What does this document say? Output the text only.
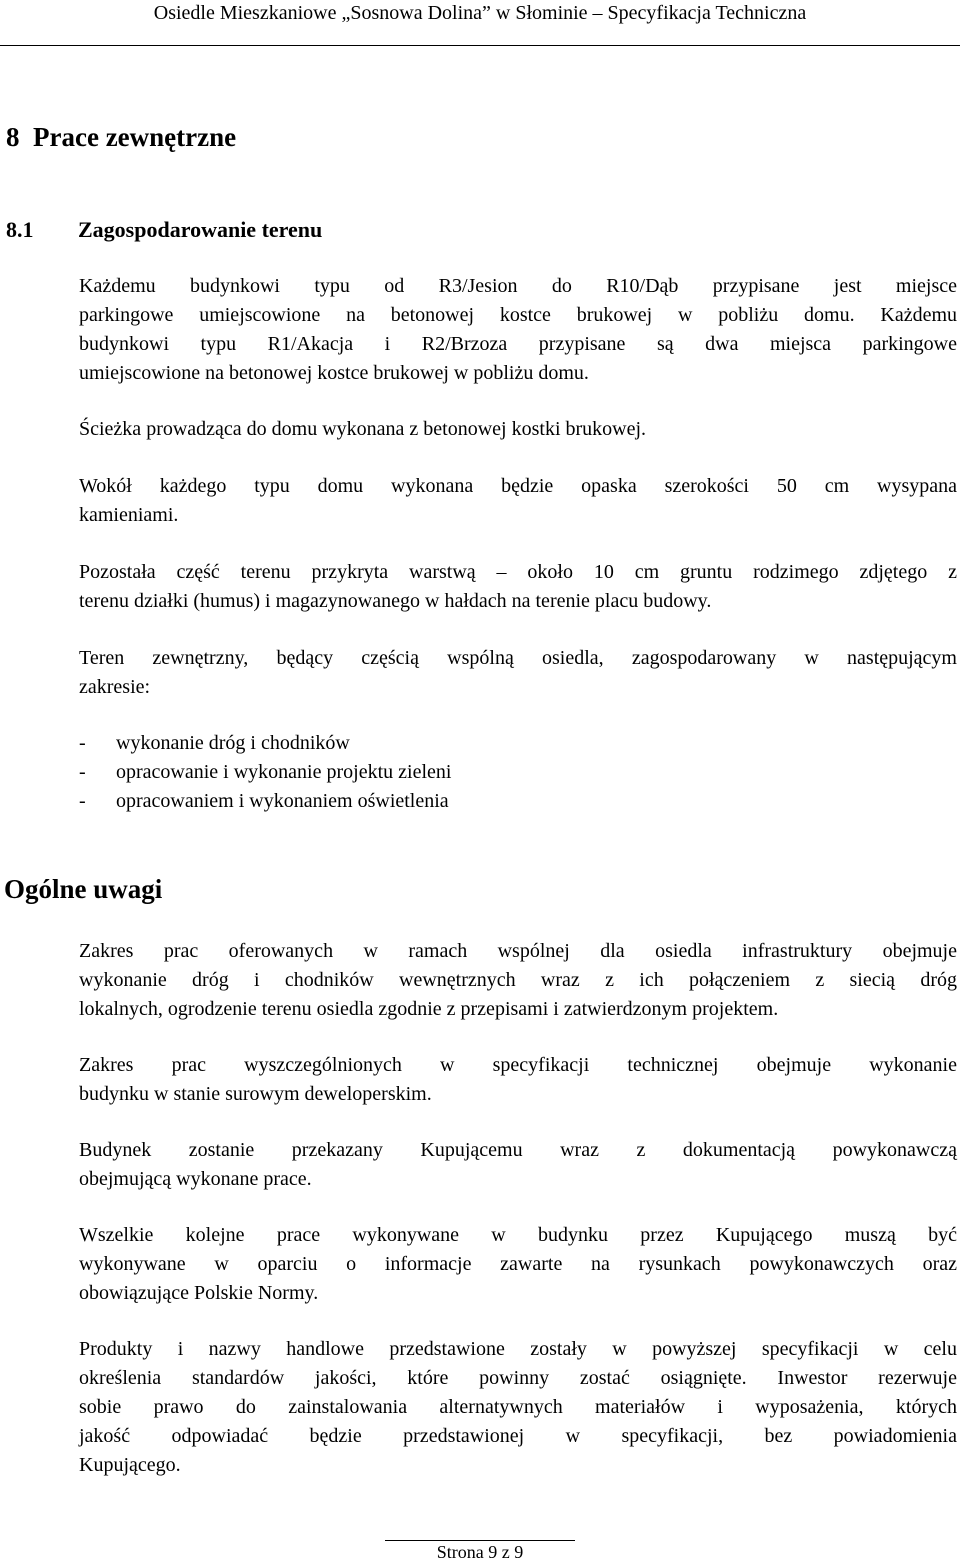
Osiedle Mieszkaniowe „Sosnowa Dolina” w Słominie – Specyfikacja Techniczna
8  Prace zewnętrzne
8.1 Zagospodarowanie terenu
Każdemu budynkowi typu od R3/Jesion do R10/Dąb przypisane jest miejsce
parkingowe umiejscowione na betonowej kostce brukowej w pobliżu domu. Każdemu
budynkowi typu R1/Akacja i R2/Brzoza przypisane są dwa miejsca parkingowe
umiejscowione na betonowej kostce brukowej w pobliżu domu.
Ścieżka prowadząca do domu wykonana z betonowej kostki brukowej.
Wokół każdego typu domu wykonana będzie opaska szerokości 50 cm wysypana
kamieniami.
Pozostała część terenu przykryta warstwą – około 10 cm gruntu rodzimego zdjętego z
terenu działki (humus) i magazynowanego w hałdach na terenie placu budowy.
Teren zewnętrzny, będący częścią wspólną osiedla, zagospodarowany w następującym
zakresie:
-	wykonanie dróg i chodników
-	opracowanie i wykonanie projektu zieleni
-	opracowaniem i wykonaniem oświetlenia
Ogólne uwagi
Zakres prac oferowanych w ramach wspólnej dla osiedla infrastruktury obejmuje
wykonanie dróg i chodników wewnętrznych wraz z ich połączeniem z siecią dróg
lokalnych, ogrodzenie terenu osiedla zgodnie z przepisami i zatwierdzonym projektem.
Zakres prac wyszczególnionych w specyfikacji technicznej obejmuje wykonanie
budynku w stanie surowym deweloperskim.
Budynek zostanie przekazany Kupującemu wraz z dokumentacją powykonawczą
obejmującą wykonane prace.
Wszelkie kolejne prace wykonywane w budynku przez Kupującego muszą być
wykonywane w oparciu o informacje zawarte na rysunkach powykonawczych oraz
obowiązujące Polskie Normy.
Produkty i nazwy handlowe przedstawione zostały w powyższej specyfikacji w celu
określenia standardów jakości, które powinny zostać osiągnięte. Inwestor rezerwuje
sobie prawo do zainstalowania alternatywnych materiałów i wyposażenia, których
jakość odpowiadać będzie przedstawionej w specyfikacji, bez powiadomienia
Kupującego.
Strona 9 z 9
